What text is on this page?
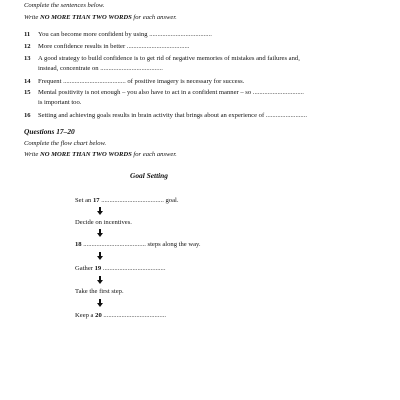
Complete the sentences below.
Write NO MORE THAN TWO WORDS for each answer.
11 You can become more confident by using ......................................
12 More confidence results in better ......................................
13 A good strategy to build confidence is to get rid of negative memories of mistakes and failures and,
instead, concentrate on ......................................
14 Frequent ...................................... of positive imagery is necessary for success.
15 Mental positivity is not enough – you also have to act in a confident manner – so ...............................
is important too.
16 Setting and achieving goals results in brain activity that brings about an experience of .........................
Questions 17–20
Complete the flow chart below.
Write NO MORE THAN TWO WORDS for each answer.
Goal Setting
Set an 17 ...................................... goal.
Decide on incentives.
18 ...................................... steps along the way.
Gather 19 ......................................
Take the first step.
Keep a 20 ......................................
